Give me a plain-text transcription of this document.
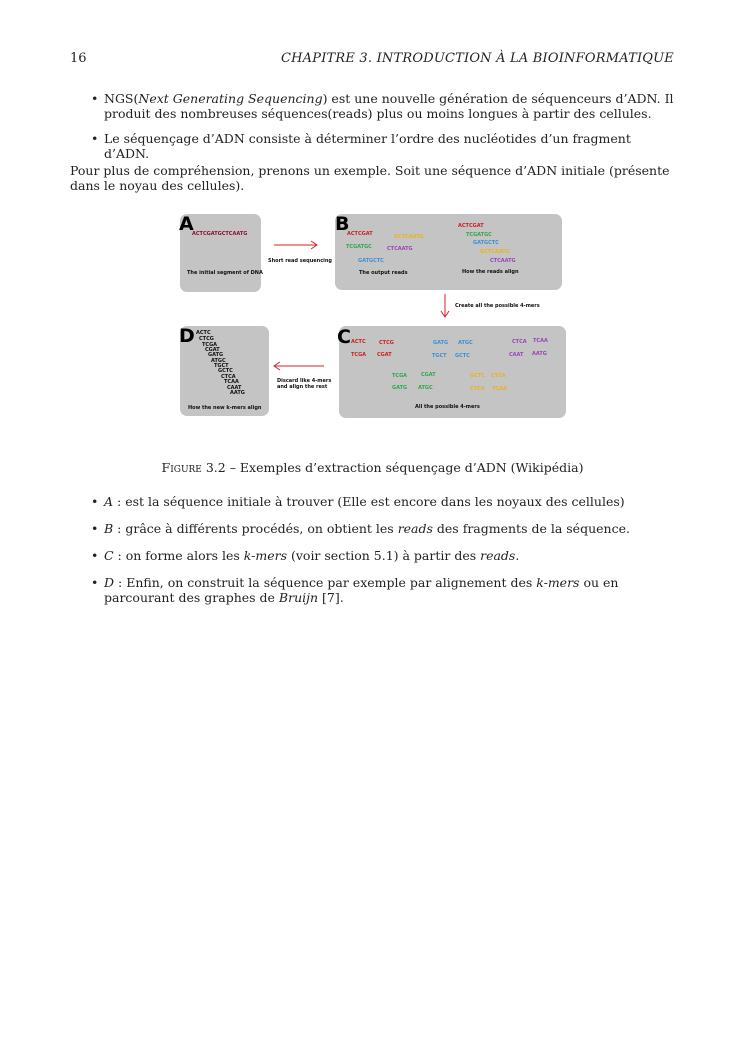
16	CHAPITRE 3. INTRODUCTION À LA BIOINFORMATIQUE
• NGS(Next Generating Sequencing) est une nouvelle génération de séquenceurs d’ADN. Il produit des nombreuses séquences(reads) plus ou moins longues à partir des cellules.
• Le séquençage d’ADN consiste à déterminer l’ordre des nucléotides d’un fragment d’ADN.
Pour plus de compréhension, prenons un exemple. Soit une séquence d’ADN initiale (présente dans le noyau des cellules).
A
ACTCGATGCTCAATG
The initial segment of DNA
Short read sequencing
B
ACTCGAT	GCTCAATG
TCGATGC	CTCAATG
GATGCTC
The output reads
ACTCGAT
TCGATGC
GATGCTC
GCTCAATG
CTCAATG
How the reads align
Create all the possible 4-mers
D ACTC
CTCG
TCGA
CGAT
GATG
ATGC
TGCT
GCTC
CTCA
TCAA
CAAT
AATG
How the new k-mers align
Discard like 4-mers
and align the rest
C ACTC	CTCG
TCGA CGAT
GATG ATGC
TGCT GCTC
CTCA TCAA
CAAT AATG
TCGA	CGAT
GATG ATGC
GCTC CTCA
CTCA TCAA
All the possible 4-mers
Figure 3.2 – Exemples d’extraction séquençage d’ADN (Wikipédia)
• A : est la séquence initiale à trouver (Elle est encore dans les noyaux des cellules)
• B : grâce à différents procédés, on obtient les reads des fragments de la séquence.
• C : on forme alors les k-mers (voir section 5.1) à partir des reads.
• D : Enfin, on construit la séquence par exemple par alignement des k-mers ou en parcourant des graphes de Bruijn [7].
